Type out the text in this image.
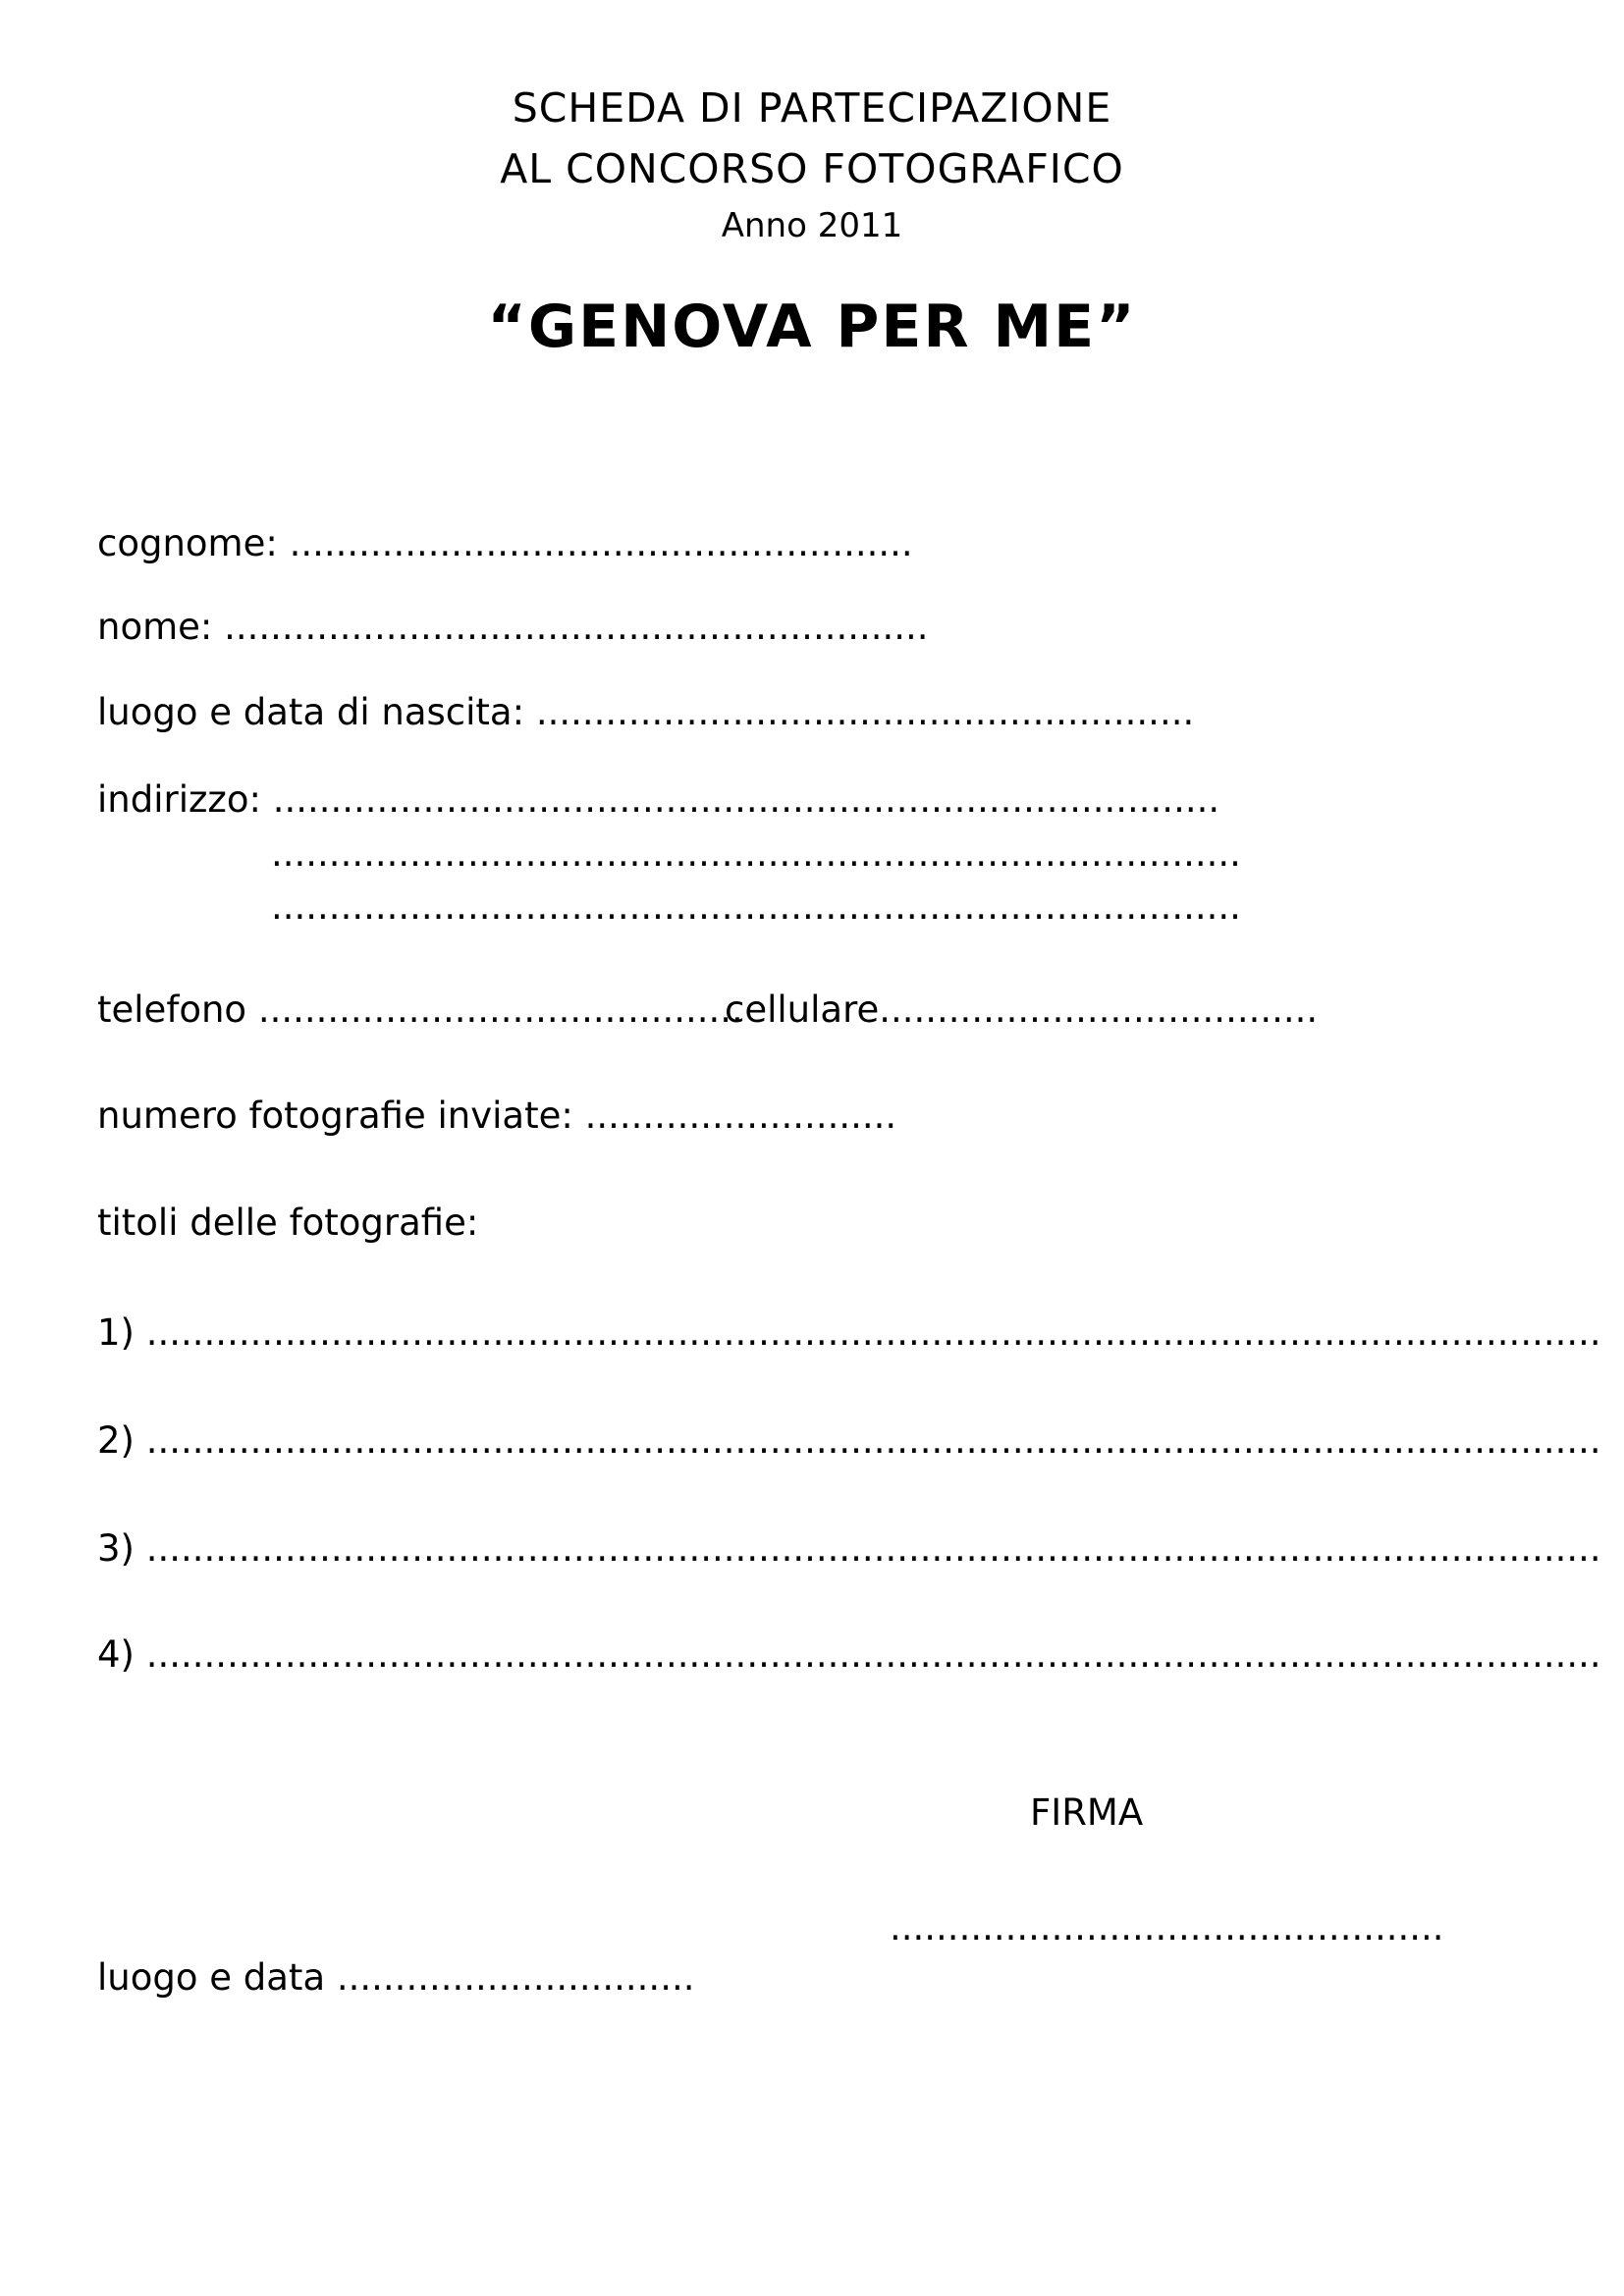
SCHEDA DI PARTECIPAZIONE
AL CONCORSO FOTOGRAFICO
Anno 2011
“GENOVA PER ME”
cognome: ......................................................
nome: .............................................................
luogo e data di nascita: .........................................................
indirizzo: ..................................................................................
....................................................................................
....................................................................................
telefono ..........................................
cellulare......................................
numero fotografie inviate: ...........................
titoli delle fotografie:
1) ..............................................................................................................................
2) ..............................................................................................................................
3) ..............................................................................................................................
4) ..............................................................................................................................
FIRMA
................................................
luogo e data ...............................
